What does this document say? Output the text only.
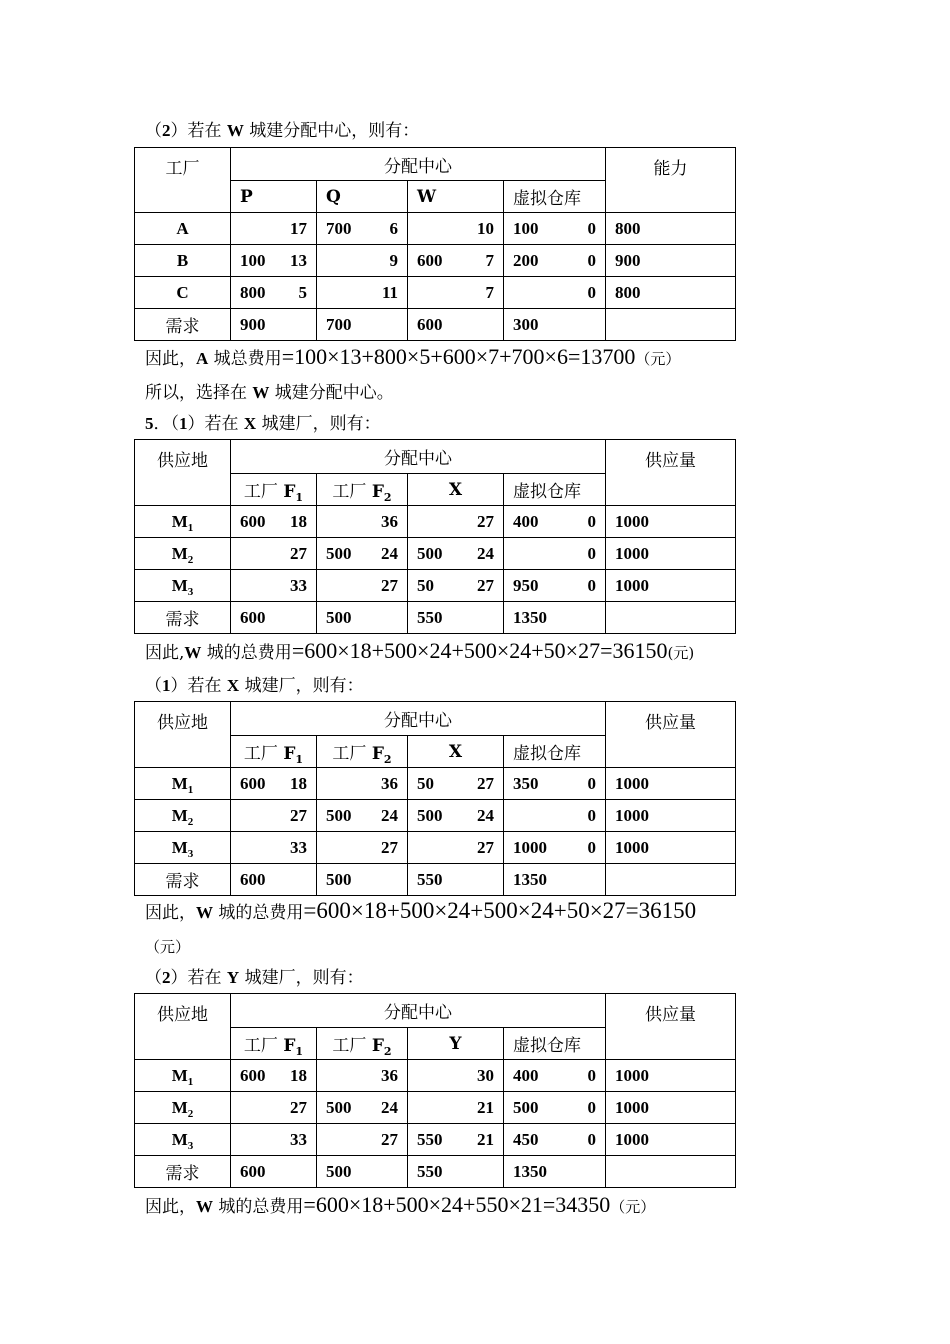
（2）若在 W 城建分配中心，则有：
工厂	分配中心				能力

	P	Q	W	虚拟仓库	

A	17	700 6	10	100 0	800

B	100 13	9	600 7	200 0	900

C	800 5	11	7	0	800

需求	900	700	600	300	

因此，A 城总费用=100×13+800×5+600×7+700×6=13700（元）
所以，选择在 W 城建分配中心。
5．（1）若在 X 城建厂，则有：
供应地	分配中心				供应量

	工厂 $F_1$	工厂 $F_2$	X	虚拟仓库	

$M_1$	600 18	36	27	400 0	1000

$M_2$	27	500 24	500 24	0	1000

$M_3$	33	27	50 27	950 0	1000

需求	600	500	550	1350	

因此,W 城的总费用=600×18+500×24+500×24+50×27=36150(元)
（1）若在 X 城建厂，则有：
供应地	分配中心				供应量

	工厂 $F_1$	工厂 $F_2$	X	虚拟仓库	

$M_1$	600 18	36	50 27	350 0	1000

$M_2$	27	500 24	500 24	0	1000

$M_3$	33	27	27	1000 0	1000

需求	600	500	550	1350	

因此，W 城的总费用=600×18+500×24+500×24+50×27=36150
（元）
（2）若在 Y 城建厂，则有：
供应地	分配中心				供应量

	工厂 $F_1$	工厂 $F_2$	Y	虚拟仓库	

$M_1$	600 18	36	30	400 0	1000

$M_2$	27	500 24	21	500 0	1000

$M_3$	33	27	550 21	450 0	1000

需求	600	500	550	1350	

因此，W 城的总费用=600×18+500×24+550×21=34350（元）
